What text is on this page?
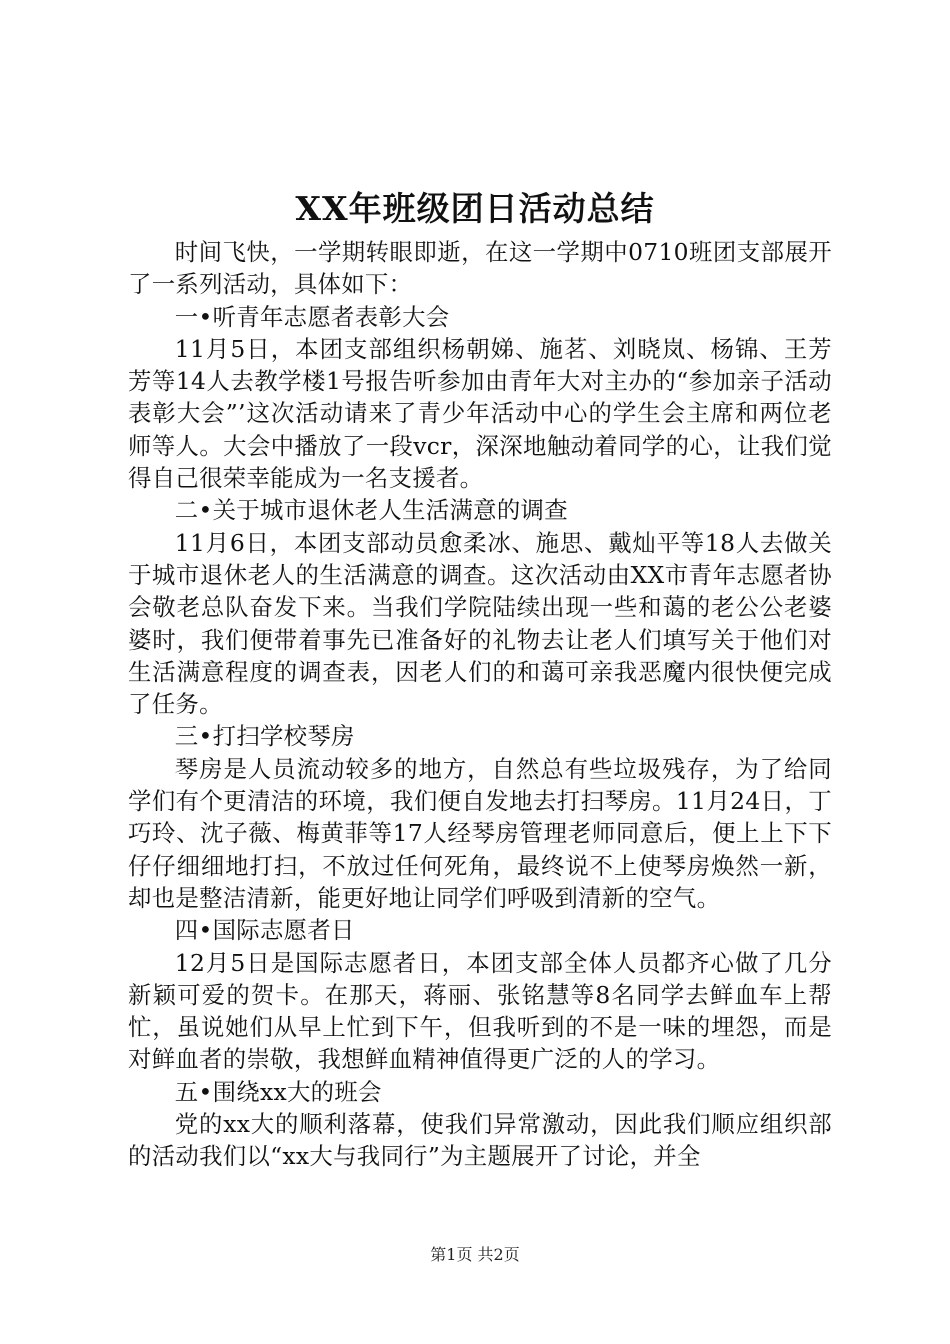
XX年班级团日活动总结

时间飞快，一学期转眼即逝，在这一学期中0710班团支部展开了一系列活动，具体如下：

一•听青年志愿者表彰大会

11月5日，本团支部组织杨朝娣、施茗、刘晓岚、杨锦、王芳芳等14人去教学楼1号报告听参加由青年大对主办的“参加亲子活动表彰大会”’这次活动请来了青少年活动中心的学生会主席和两位老师等人。大会中播放了一段vcr，深深地触动着同学的心，让我们觉得自己很荣幸能成为一名支援者。

二•关于城市退休老人生活满意的调查

11月6日，本团支部动员愈柔冰、施思、戴灿平等18人去做关于城市退休老人的生活满意的调查。这次活动由XX市青年志愿者协会敬老总队奋发下来。当我们学院陆续出现一些和蔼的老公公老婆婆时，我们便带着事先已准备好的礼物去让老人们填写关于他们对生活满意程度的调查表，因老人们的和蔼可亲我恶魔内很快便完成了任务。

三•打扫学校琴房

琴房是人员流动较多的地方，自然总有些垃圾残存，为了给同学们有个更清洁的环境，我们便自发地去打扫琴房。11月24日，丁巧玲、沈子薇、梅黄菲等17人经琴房管理老师同意后，便上上下下仔仔细细地打扫，不放过任何死角，最终说不上使琴房焕然一新，却也是整洁清新，能更好地让同学们呼吸到清新的空气。

四•国际志愿者日

12月5日是国际志愿者日，本团支部全体人员都齐心做了几分新颖可爱的贺卡。在那天，蒋丽、张铭慧等8名同学去鲜血车上帮忙，虽说她们从早上忙到下午，但我听到的不是一味的埋怨，而是对鲜血者的崇敬，我想鲜血精神值得更广泛的人的学习。

五•围绕xx大的班会

党的xx大的顺利落幕，使我们异常激动，因此我们顺应组织部的活动我们以“xx大与我同行”为主题展开了讨论，并全

第1页 共2页
